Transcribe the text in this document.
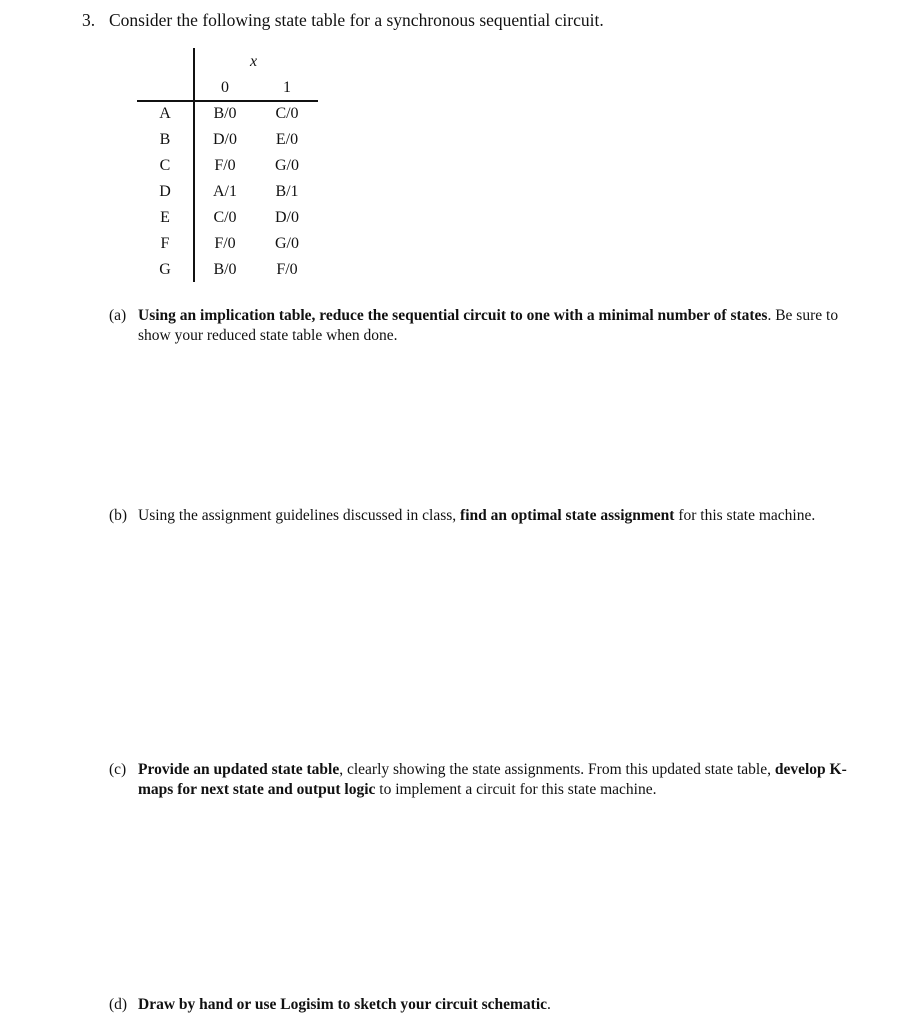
3. Consider the following state table for a synchronous sequential circuit.
x
0	1
A	B/0	C/0
B	D/0	E/0
C	F/0	G/0
D	A/1	B/1
E	C/0	D/0
F	F/0	G/0
G	B/0	F/0
(a) Using an implication table, reduce the sequential circuit to one with a minimal number of states. Be sure to show your reduced state table when done.
(b) Using the assignment guidelines discussed in class, find an optimal state assignment for this state machine.
(c) Provide an updated state table, clearly showing the state assignments. From this updated state table, develop K-maps for next state and output logic to implement a circuit for this state machine.
(d) Draw by hand or use Logisim to sketch your circuit schematic.
